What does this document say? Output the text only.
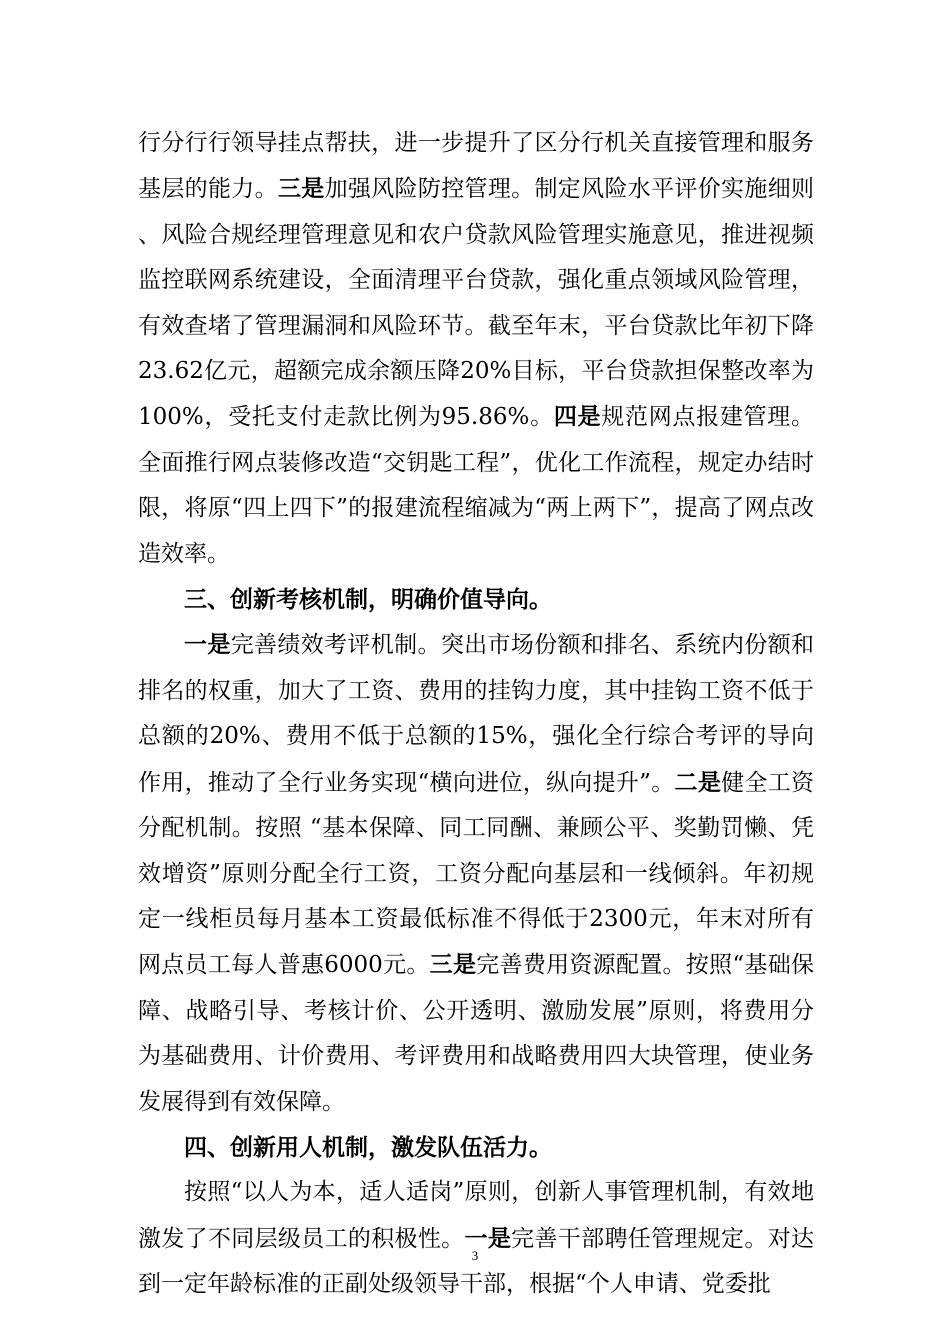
行分行行领导挂点帮扶，进一步提升了区分行机关直接管理和服务基层的能力。三是加强风险防控管理。制定风险水平评价实施细则、风险合规经理管理意见和农户贷款风险管理实施意见，推进视频监控联网系统建设，全面清理平台贷款，强化重点领域风险管理，有效查堵了管理漏洞和风险环节。截至年末，平台贷款比年初下降23.62亿元，超额完成余额压降20%目标，平台贷款担保整改率为100%，受托支付走款比例为95.86%。四是规范网点报建管理。全面推行网点装修改造“交钥匙工程”，优化工作流程，规定办结时限，将原“四上四下”的报建流程缩减为“两上两下”，提高了网点改造效率。

三、创新考核机制，明确价值导向。

一是完善绩效考评机制。突出市场份额和排名、系统内份额和排名的权重，加大了工资、费用的挂钩力度，其中挂钩工资不低于总额的20%、费用不低于总额的15%，强化全行综合考评的导向作用，推动了全行业务实现“横向进位，纵向提升”。二是健全工资分配机制。按照 “基本保障、同工同酬、兼顾公平、奖勤罚懒、凭效增资”原则分配全行工资，工资分配向基层和一线倾斜。年初规定一线柜员每月基本工资最低标准不得低于2300元，年末对所有网点员工每人普惠6000元。三是完善费用资源配置。按照“基础保障、战略引导、考核计价、公开透明、激励发展”原则，将费用分为基础费用、计价费用、考评费用和战略费用四大块管理，使业务发展得到有效保障。

四、创新用人机制，激发队伍活力。

按照“以人为本，适人适岗”原则，创新人事管理机制，有效地激发了不同层级员工的积极性。一是完善干部聘任管理规定。对达到一定年龄标准的正副处级领导干部，根据“个人申请、党委批

3
